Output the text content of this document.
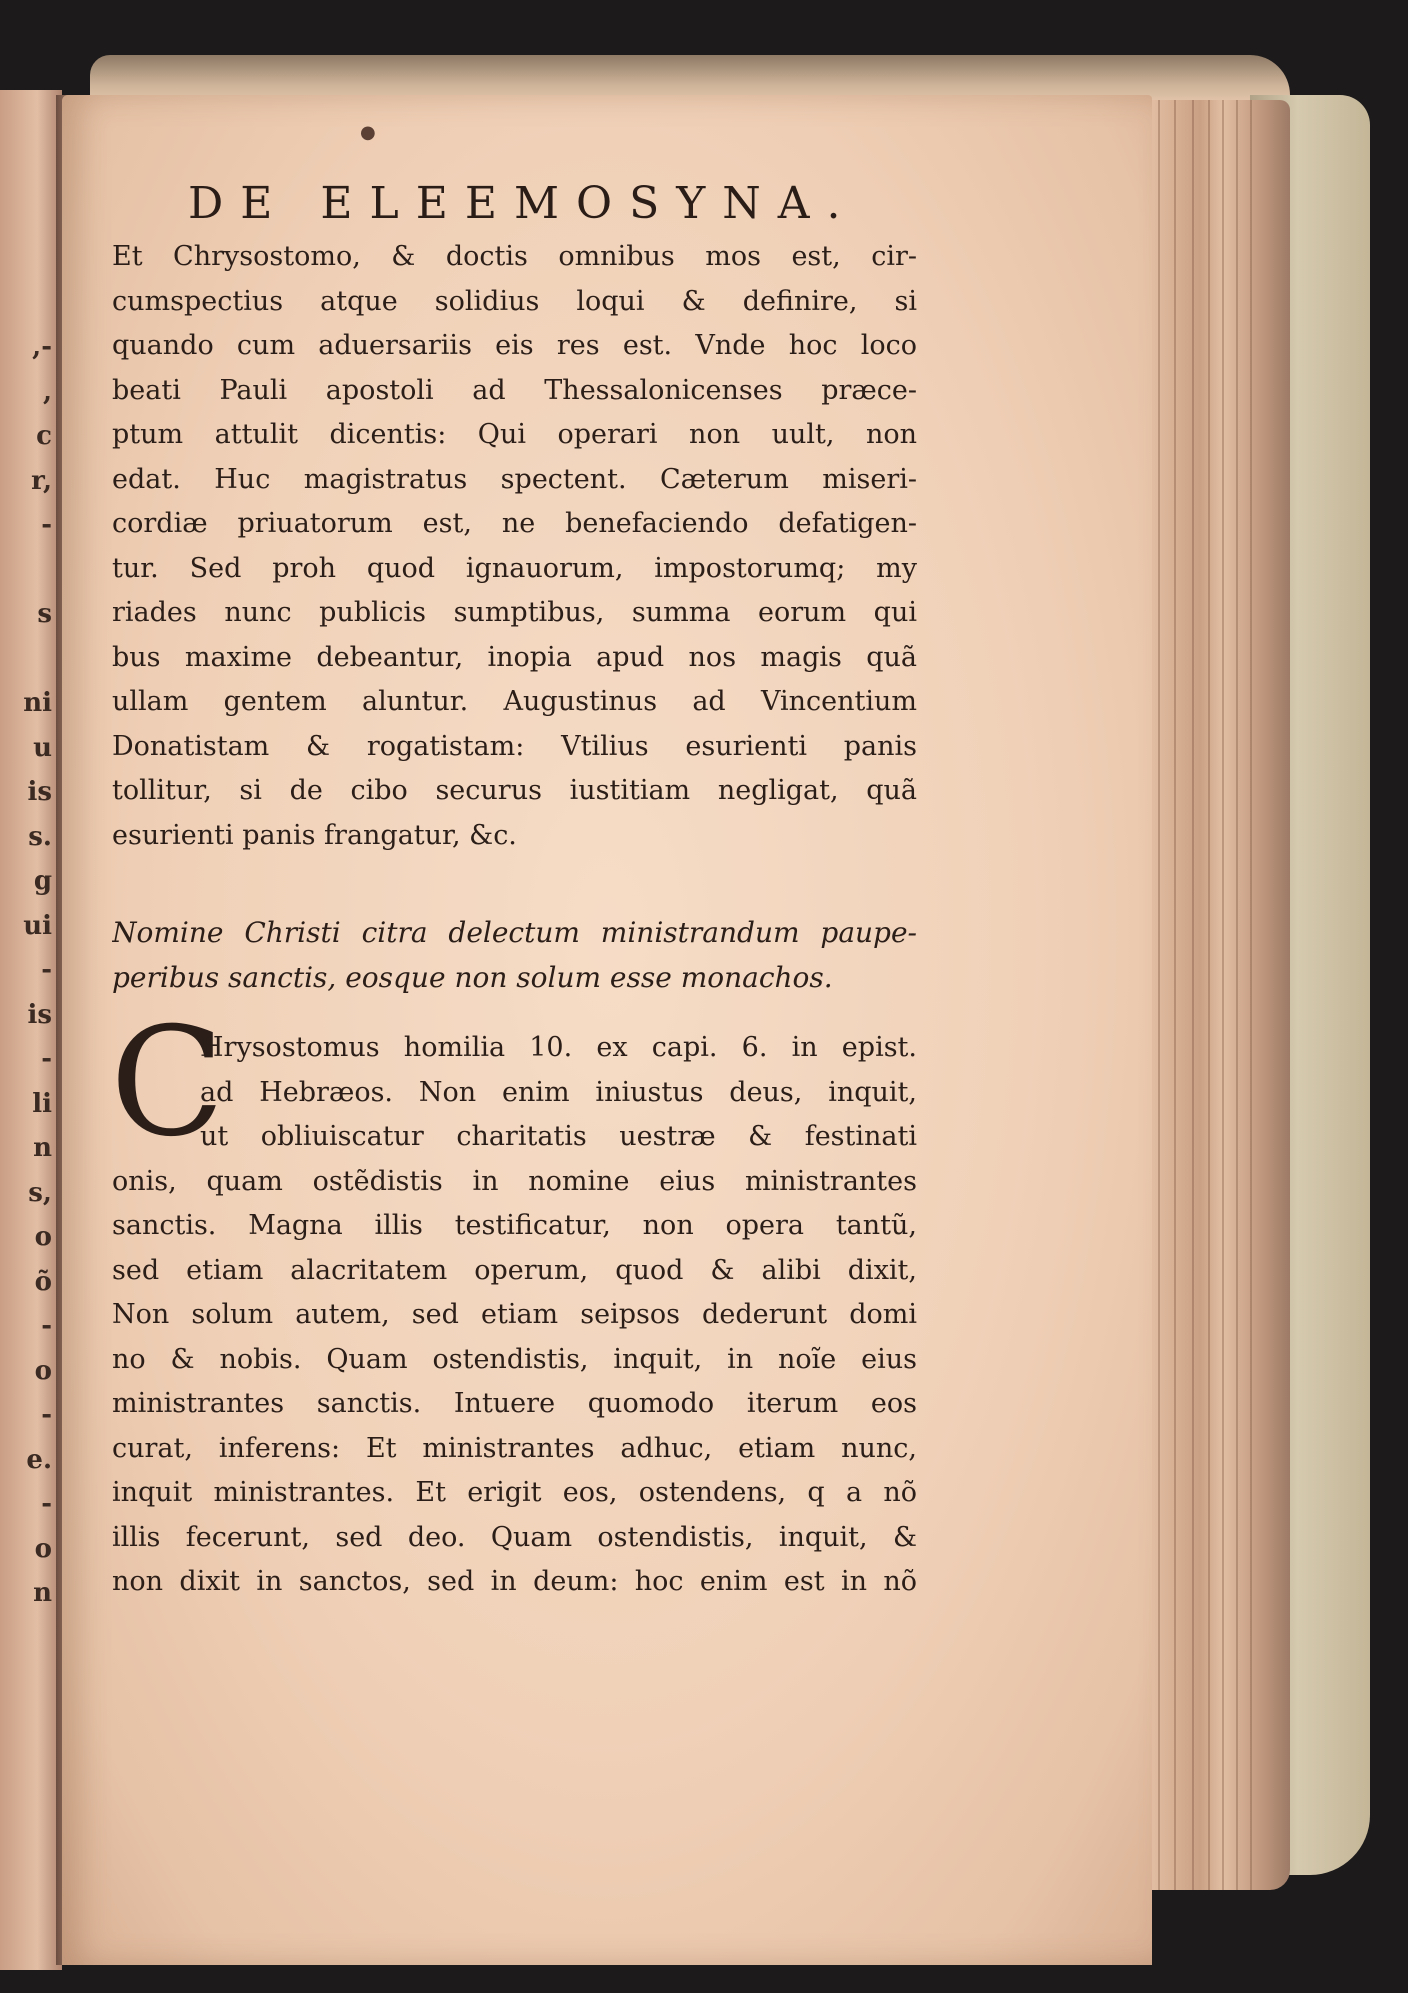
,-
,
c
r,
-
s
ni
u
is
s.
g
ui
-
is
-
li
n
s,
o
õ
-
o
-
e.
-
o
n
●
DE ELEEMOSYNA.
Et Chrysostomo, & doctis omnibus mos est, cir-
cumspectius atque solidius loqui & definire, si
quando cum aduersariis eis res est. Vnde hoc loco
beati Pauli apostoli ad Thessalonicenses præce-
ptum attulit dicentis: Qui operari non uult, non
edat. Huc magistratus spectent. Cæterum miseri-
cordiæ priuatorum est, ne benefaciendo defatigen-
tur. Sed proh quod ignauorum, impostorumq; my
riades nunc publicis sumptibus, summa eorum qui
bus maxime debeantur, inopia apud nos magis quã
ullam gentem aluntur. Augustinus ad Vincentium
Donatistam & rogatistam: Vtilius esurienti panis
tollitur, si de cibo securus iustitiam negligat, quã
esurienti panis frangatur, &c.
Nomine Christi citra delectum ministrandum paupe-
peribus sanctis, eosque non solum esse monachos.
C
Hrysostomus homilia 10. ex capi. 6. in epist.
ad Hebræos. Non enim iniustus deus, inquit,
ut obliuiscatur charitatis uestræ & festinati
onis, quam ostẽdistis in nomine eius ministrantes
sanctis. Magna illis testificatur, non opera tantũ,
sed etiam alacritatem operum, quod & alibi dixit,
Non solum autem, sed etiam seipsos dederunt domi
no & nobis. Quam ostendistis, inquit, in noĩe eius
ministrantes sanctis. Intuere quomodo iterum eos
curat, inferens: Et ministrantes adhuc, etiam nunc,
inquit ministrantes. Et erigit eos, ostendens, q a nõ
illis fecerunt, sed deo. Quam ostendistis, inquit, &
non dixit in sanctos, sed in deum: hoc enim est in nõ
